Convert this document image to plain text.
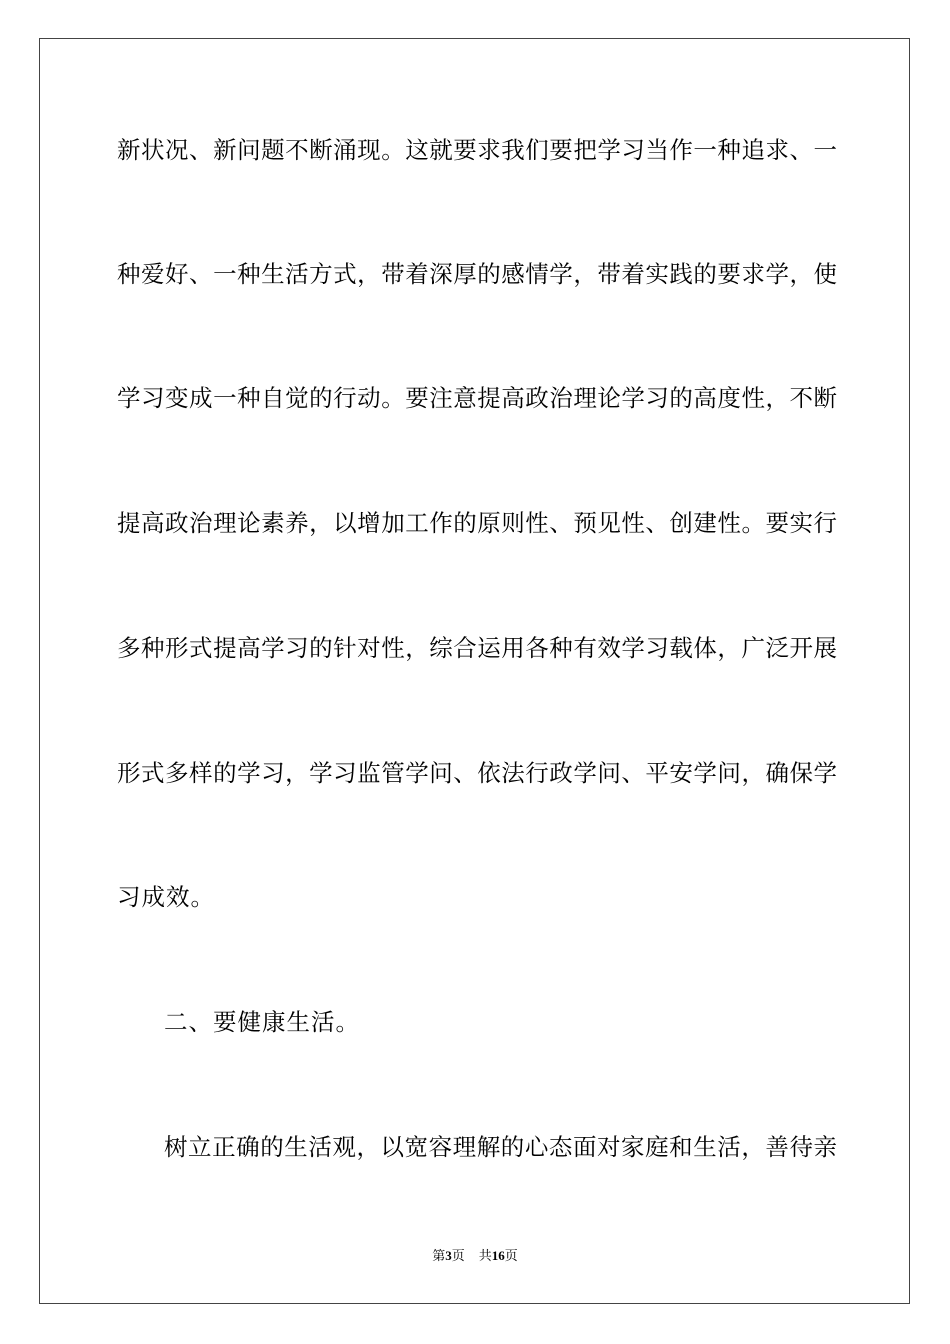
新状况、新问题不断涌现。这就要求我们要把学习当作一种追求、一
种爱好、一种生活方式，带着深厚的感情学，带着实践的要求学，使
学习变成一种自觉的行动。要注意提高政治理论学习的高度性，不断
提高政治理论素养，以增加工作的原则性、预见性、创建性。要实行
多种形式提高学习的针对性，综合运用各种有效学习载体，广泛开展
形式多样的学习，学习监管学问、依法行政学问、平安学问，确保学
习成效。
二、要健康生活。
树立正确的生活观，以宽容理解的心态面对家庭和生活，善待亲
第3页 共16页
